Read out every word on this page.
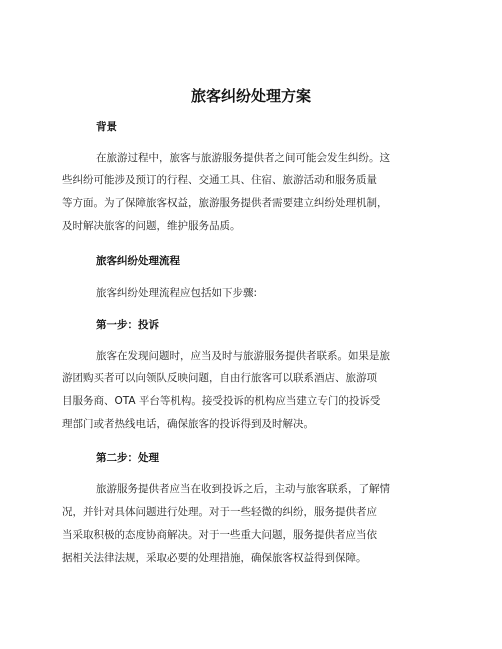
旅客纠纷处理方案
背景
在旅游过程中，旅客与旅游服务提供者之间可能会发生纠纷。这
些纠纷可能涉及预订的行程、交通工具、住宿、旅游活动和服务质量
等方面。为了保障旅客权益，旅游服务提供者需要建立纠纷处理机制，
及时解决旅客的问题，维护服务品质。
旅客纠纷处理流程
旅客纠纷处理流程应包括如下步骤:
第一步：投诉
旅客在发现问题时，应当及时与旅游服务提供者联系。如果是旅
游团购买者可以向领队反映问题，自由行旅客可以联系酒店、旅游项
目服务商、OTA 平台等机构。接受投诉的机构应当建立专门的投诉受
理部门或者热线电话，确保旅客的投诉得到及时解决。
第二步：处理
旅游服务提供者应当在收到投诉之后，主动与旅客联系，了解情
况，并针对具体问题进行处理。对于一些轻微的纠纷，服务提供者应
当采取积极的态度协商解决。对于一些重大问题，服务提供者应当依
据相关法律法规，采取必要的处理措施，确保旅客权益得到保障。
